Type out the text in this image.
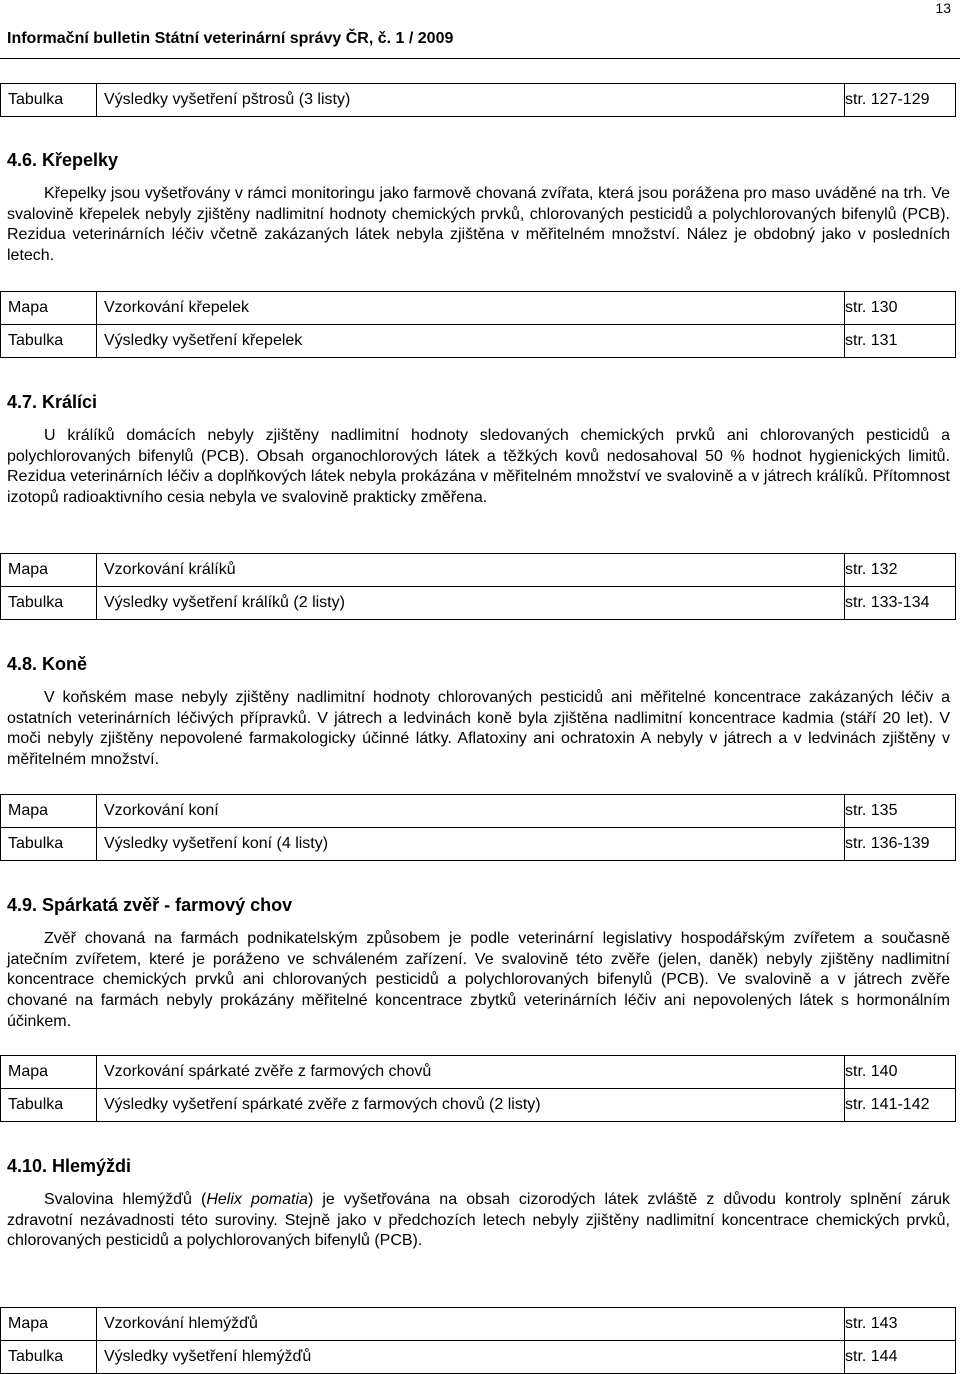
13
Informační bulletin Státní veterinární správy ČR, č. 1 / 2009
Tabulka	Výsledky vyšetření pštrosů (3 listy)	str. 127-129
4.6. Křepelky

Křepelky jsou vyšetřovány v rámci monitoringu jako farmově chovaná zvířata, která jsou porážena pro maso uváděné na trh. Ve svalovině křepelek nebyly zjištěny nadlimitní hodnoty chemických prvků, chlorovaných pesticidů a polychlorovaných bifenylů (PCB). Rezidua veterinárních léčiv včetně zakázaných látek nebyla zjištěna v měřitelném množství. Nález je obdobný jako v posledních letech.

Mapa	Vzorkování křepelek	str. 130
Tabulka	Výsledky vyšetření křepelek	str. 131
4.7. Králíci

U králíků domácích nebyly zjištěny nadlimitní hodnoty sledovaných chemických prvků ani chlorovaných pesticidů a polychlorovaných bifenylů (PCB). Obsah organochlorových látek a těžkých kovů nedosahoval 50 % hodnot hygienických limitů. Rezidua veterinárních léčiv a doplňkových látek nebyla prokázána v měřitelném množství ve svalovině a v játrech králíků. Přítomnost izotopů radioaktivního cesia nebyla ve svalovině prakticky změřena.

Mapa	Vzorkování králíků	str. 132
Tabulka	Výsledky vyšetření králíků (2 listy)	str. 133-134
4.8. Koně

V koňském mase nebyly zjištěny nadlimitní hodnoty chlorovaných pesticidů ani měřitelné koncentrace zakázaných léčiv a ostatních veterinárních léčivých přípravků. V játrech a ledvinách koně byla zjištěna nadlimitní koncentrace kadmia (stáří 20 let). V moči nebyly zjištěny nepovolené farmakologicky účinné látky. Aflatoxiny ani ochratoxin A nebyly v játrech a v ledvinách zjištěny v měřitelném množství.

Mapa	Vzorkování koní	str. 135
Tabulka	Výsledky vyšetření koní (4 listy)	str. 136-139
4.9. Spárkatá zvěř - farmový chov

Zvěř chovaná na farmách podnikatelským způsobem je podle veterinární legislativy hospodářským zvířetem a současně jatečním zvířetem, které je poráženo ve schváleném zařízení. Ve svalovině této zvěře (jelen, daněk) nebyly zjištěny nadlimitní koncentrace chemických prvků ani chlorovaných pesticidů a polychlorovaných bifenylů (PCB). Ve svalovině a v játrech zvěře chované na farmách nebyly prokázány měřitelné koncentrace zbytků veterinárních léčiv ani nepovolených látek s hormonálním účinkem.

Mapa	Vzorkování spárkaté zvěře z farmových chovů	str. 140
Tabulka	Výsledky vyšetření spárkaté zvěře z farmových chovů (2 listy)	str. 141-142
4.10. Hlemýždi

Svalovina hlemýžďů (Helix pomatia) je vyšetřována na obsah cizorodých látek zvláště z důvodu kontroly splnění záruk zdravotní nezávadnosti této suroviny. Stejně jako v předchozích letech nebyly zjištěny nadlimitní koncentrace chemických prvků, chlorovaných pesticidů a polychlorovaných bifenylů (PCB).

Mapa	Vzorkování hlemýžďů	str. 143
Tabulka	Výsledky vyšetření hlemýžďů	str. 144
